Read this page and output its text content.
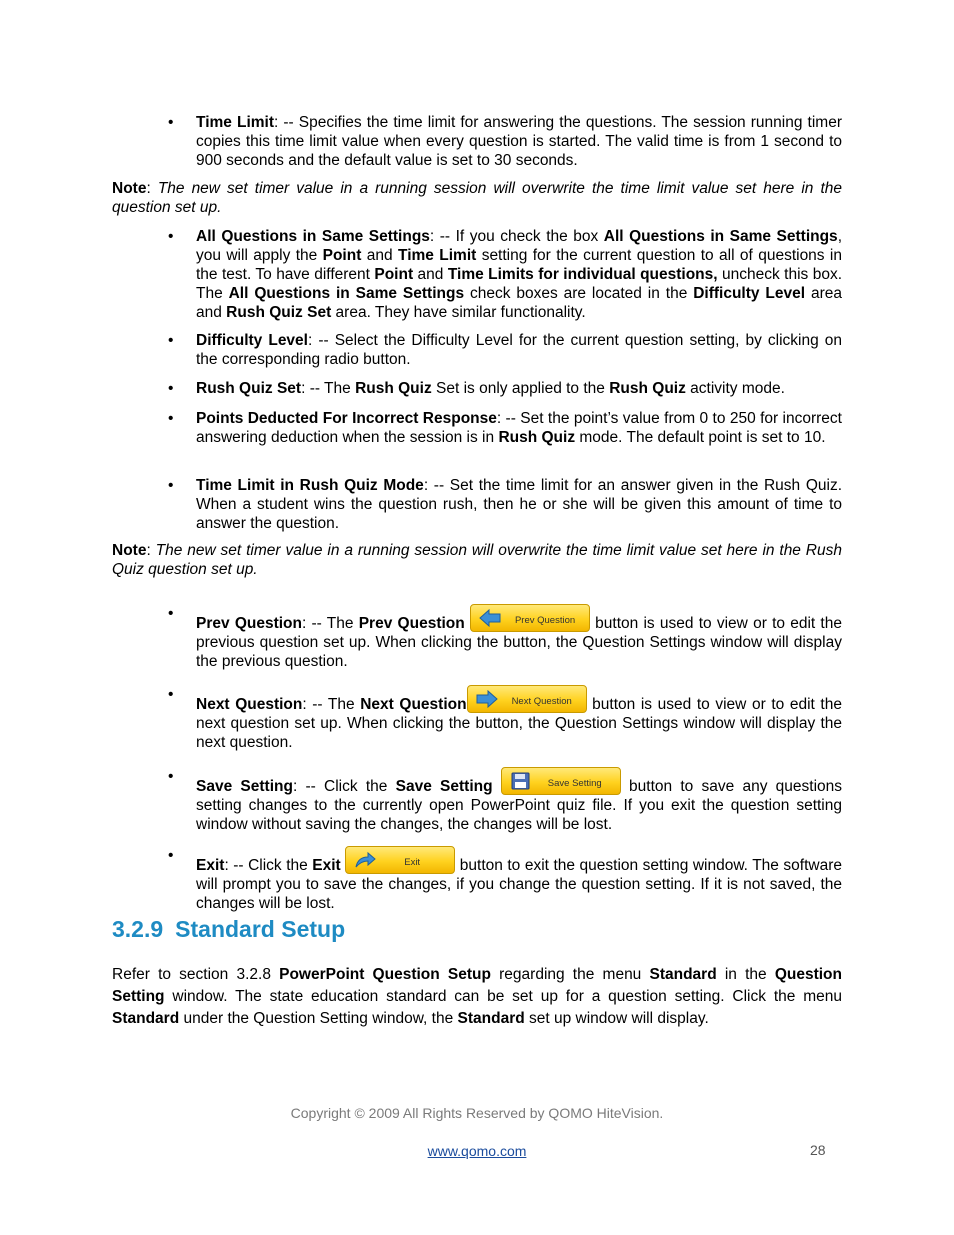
•	Time Limit: -- Specifies the time limit for answering the questions. The session running timer copies this time limit value when every question is started. The valid time is from 1 second to 900 seconds and the default value is set to 30 seconds.

Note: The new set timer value in a running session will overwrite the time limit value set here in the question set up.

•	All Questions in Same Settings: -- If you check the box All Questions in Same Settings, you will apply the Point and Time Limit setting for the current question to all of questions in the test. To have different Point and Time Limits for individual questions, uncheck this box. The All Questions in Same Settings check boxes are located in the Difficulty Level area and Rush Quiz Set area. They have similar functionality.
•	Difficulty Level: -- Select the Difficulty Level for the current question setting, by clicking on the corresponding radio button.
•	Rush Quiz Set: -- The Rush Quiz Set is only applied to the Rush Quiz activity mode.
•	Points Deducted For Incorrect Response: -- Set the point’s value from 0 to 250 for incorrect answering deduction when the session is in Rush Quiz mode. The default point is set to 10.
•	Time Limit in Rush Quiz Mode: -- Set the time limit for an answer given in the Rush Quiz. When a student wins the question rush, then he or she will be given this amount of time to answer the question.

Note: The new set timer value in a running session will overwrite the time limit value set here in the Rush Quiz question set up.

•
Prev Question: -- The Prev Question	Prev Question button is used to view or to edit the previous question set up. When clicking the button, the Question Settings window will display the previous question.
•
Next Question: -- The Next Question	Next Question button is used to view or to edit the next question set up. When clicking the button, the Question Settings window will display the next question.
•
Save Setting: -- Click the Save Setting	Save Setting button to save any questions setting changes to the currently open PowerPoint quiz file. If you exit the question setting window without saving the changes, the changes will be lost.
•
Exit: -- Click the Exit	Exit	button to exit the question setting window. The software will prompt you to save the changes, if you change the question setting. If it is not saved, the changes will be lost.
3.2.9 Standard Setup

Refer to section 3.2.8 PowerPoint Question Setup regarding the menu Standard in the Question Setting window. The state education standard can be set up for a question setting. Click the menu Standard under the Question Setting window, the Standard set up window will display.

Copyright © 2009 All Rights Reserved by QOMO HiteVision.
www.qomo.com	28
